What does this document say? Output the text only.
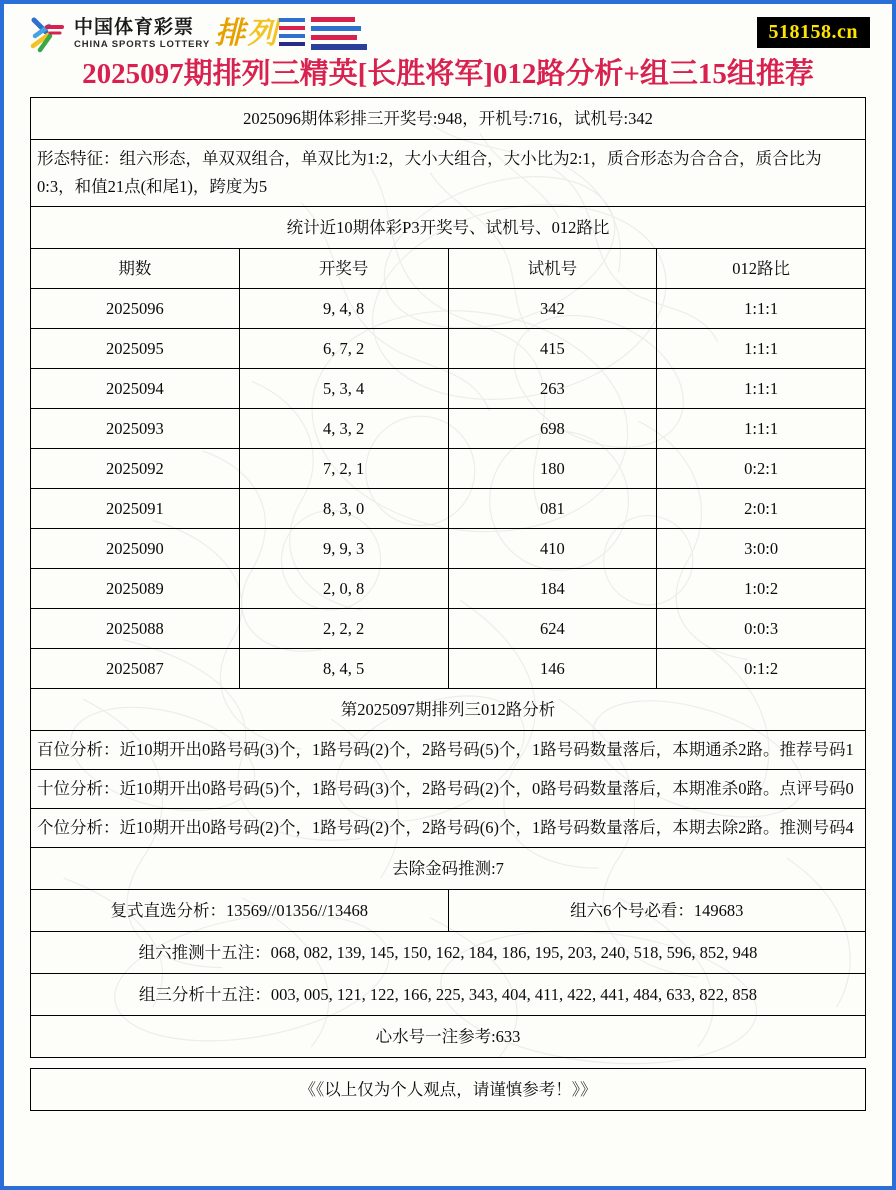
中国体育彩票
CHINA SPORTS LOTTERY 排 列	518158.cn
2025097期排列三精英[长胜将军]012路分析+组三15组推荐
2025096期体彩排三开奖号:948，开机号:716，试机号:342			
形态特征：组六形态，单双双组合，单双比为1:2，大小大组合，大小比为2:1，质合形态为合合合，质合比为0:3，和值21点(和尾1)，跨度为5			
统计近10期体彩P3开奖号、试机号、012路比			
期数	开奖号	试机号	012路比
2025096	9, 4, 8	342	1:1:1
2025095	6, 7, 2	415	1:1:1
2025094	5, 3, 4	263	1:1:1
2025093	4, 3, 2	698	1:1:1
2025092	7, 2, 1	180	0:2:1
2025091	8, 3, 0	081	2:0:1
2025090	9, 9, 3	410	3:0:0
2025089	2, 0, 8	184	1:0:2
2025088	2, 2, 2	624	0:0:3
2025087	8, 4, 5	146	0:1:2
第2025097期排列三012路分析			
百位分析：近10期开出0路号码(3)个，1路号码(2)个，2路号码(5)个，1路号码数量落后，本期通杀2路。推荐号码1			
十位分析：近10期开出0路号码(5)个，1路号码(3)个，2路号码(2)个，0路号码数量落后，本期准杀0路。点评号码0			
个位分析：近10期开出0路号码(2)个，1路号码(2)个，2路号码(6)个，1路号码数量落后，本期去除2路。推测号码4			
去除金码推测:7			
复式直选分析：13569//01356//13468		组六6个号必看：149683	
组六推测十五注：068, 082, 139, 145, 150, 162, 184, 186, 195, 203, 240, 518, 596, 852, 948			
组三分析十五注：003, 005, 121, 122, 166, 225, 343, 404, 411, 422, 441, 484, 633, 822, 858			
心水号一注参考:633			
《《以上仅为个人观点，请谨慎参考！》》
